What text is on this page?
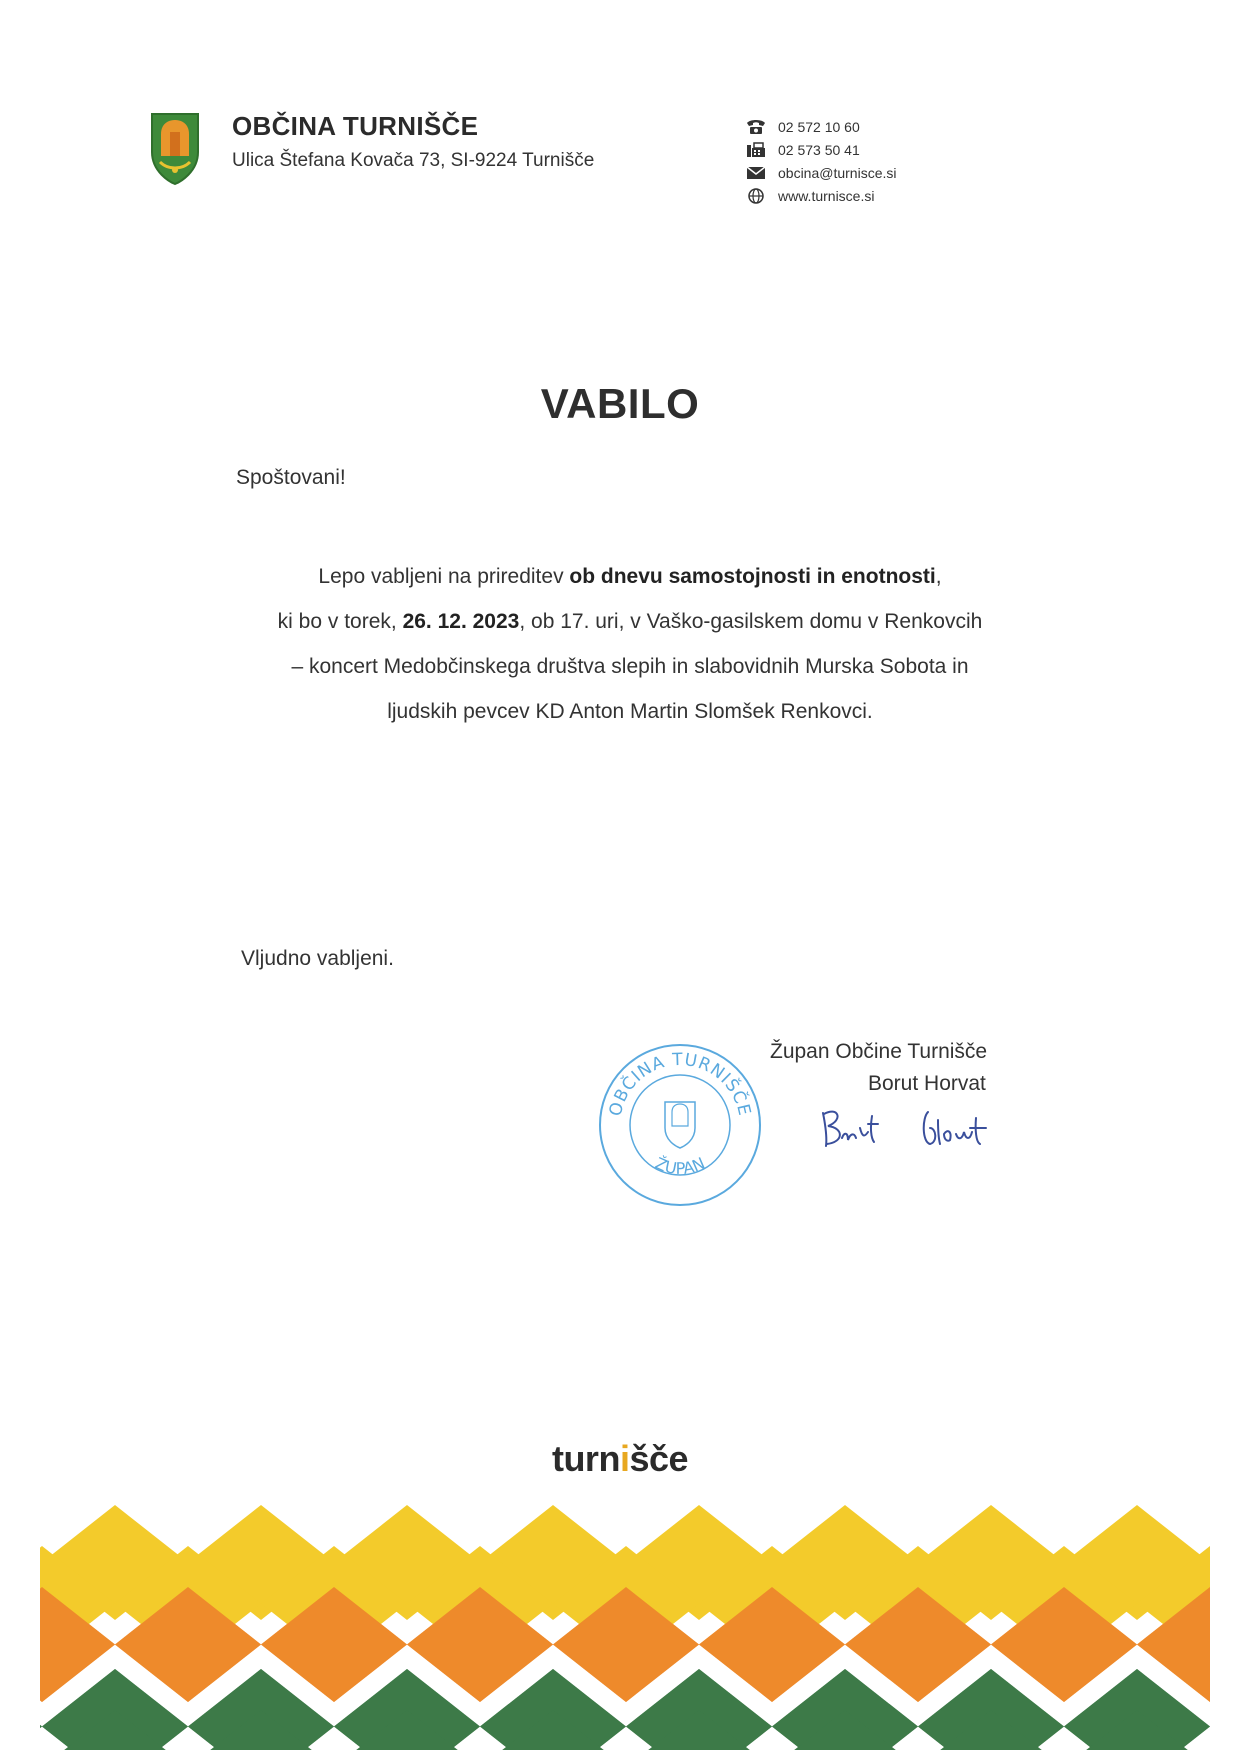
OBČINA TURNIŠČE
Ulica Štefana Kovača 73, SI-9224 Turnišče
02 572 10 60
02 573 50 41
obcina@turnisce.si
www.turnisce.si
VABILO
Spoštovani!
Lepo vabljeni na prireditev ob dnevu samostojnosti in enotnosti,
ki bo v torek, 26. 12. 2023, ob 17. uri, v Vaško-gasilskem domu v Renkovcih
– koncert Medobčinskega društva slepih in slabovidnih Murska Sobota in
ljudskih pevcev KD Anton Martin Slomšek Renkovci.
Vljudno vabljeni.
OBČINA TURNIŠČE
ŽUPAN
Župan Občine Turnišče
Borut Horvat
turnišče
